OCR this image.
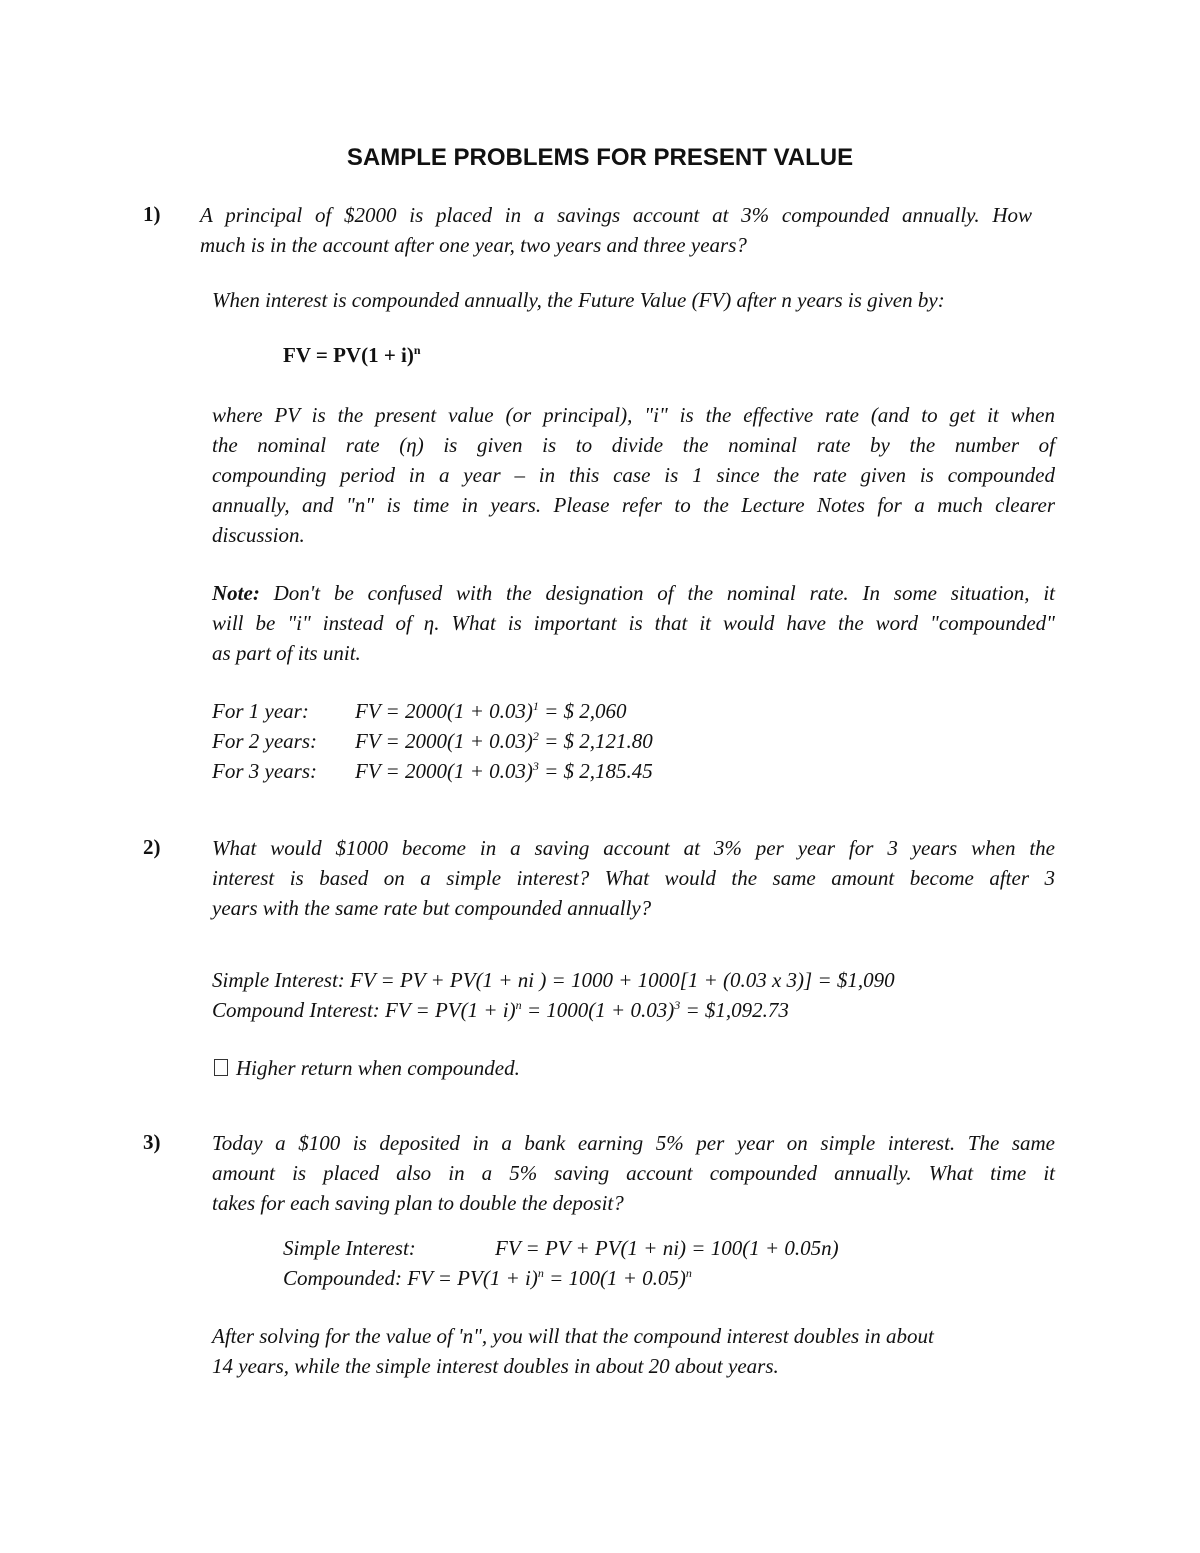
SAMPLE PROBLEMS FOR PRESENT VALUE
1) A principal of $2000 is placed in a savings account at 3% compounded annually. How
much is in the account after one year, two years and three years?
When interest is compounded annually, the Future Value (FV) after n years is given by:
FV = $PV(1 + i)^n$
where PV is the present value (or principal), "i" is the effective rate (and to get it when
the nominal rate (η) is given is to divide the nominal rate by the number of
compounding period in a year – in this case is 1 since the rate given is compounded
annually, and "n" is time in years. Please refer to the Lecture Notes for a much clearer
discussion.
Note: Don't be confused with the designation of the nominal rate. In some situation, it
will be "i" instead of η. What is important is that it would have the word "compounded"
as part of its unit.
For 1 year: FV = $2000(1 + 0.03)^1$ = $ 2,060
For 2 years: FV = $2000(1 + 0.03)^2$ = $ 2,121.80
For 3 years: FV = $2000(1 + 0.03)^3$ = $ 2,185.45
2) What would $1000 become in a saving account at 3% per year for 3 years when the
interest is based on a simple interest? What would the same amount become after 3
years with the same rate but compounded annually?
Simple Interest: FV = PV + PV(1 + ni ) = 1000 + 1000[1 + (0.03 x 3)] = $1,090
Compound Interest: FV = $PV(1 + i)^n = 1000(1 + 0.03)^3$ = $1,092.73
Higher return when compounded.
3) Today a $100 is deposited in a bank earning 5% per year on simple interest. The same
amount is placed also in a 5% saving account compounded annually. What time it
takes for each saving plan to double the deposit?
Simple Interest:	FV = PV + PV(1 + ni) = 100(1 + 0.05n)
Compounded: FV = $PV(1 + i)^n = 100(1 + 0.05)^n$
After solving for the value of 'n", you will that the compound interest doubles in about
14 years, while the simple interest doubles in about 20 about years.
